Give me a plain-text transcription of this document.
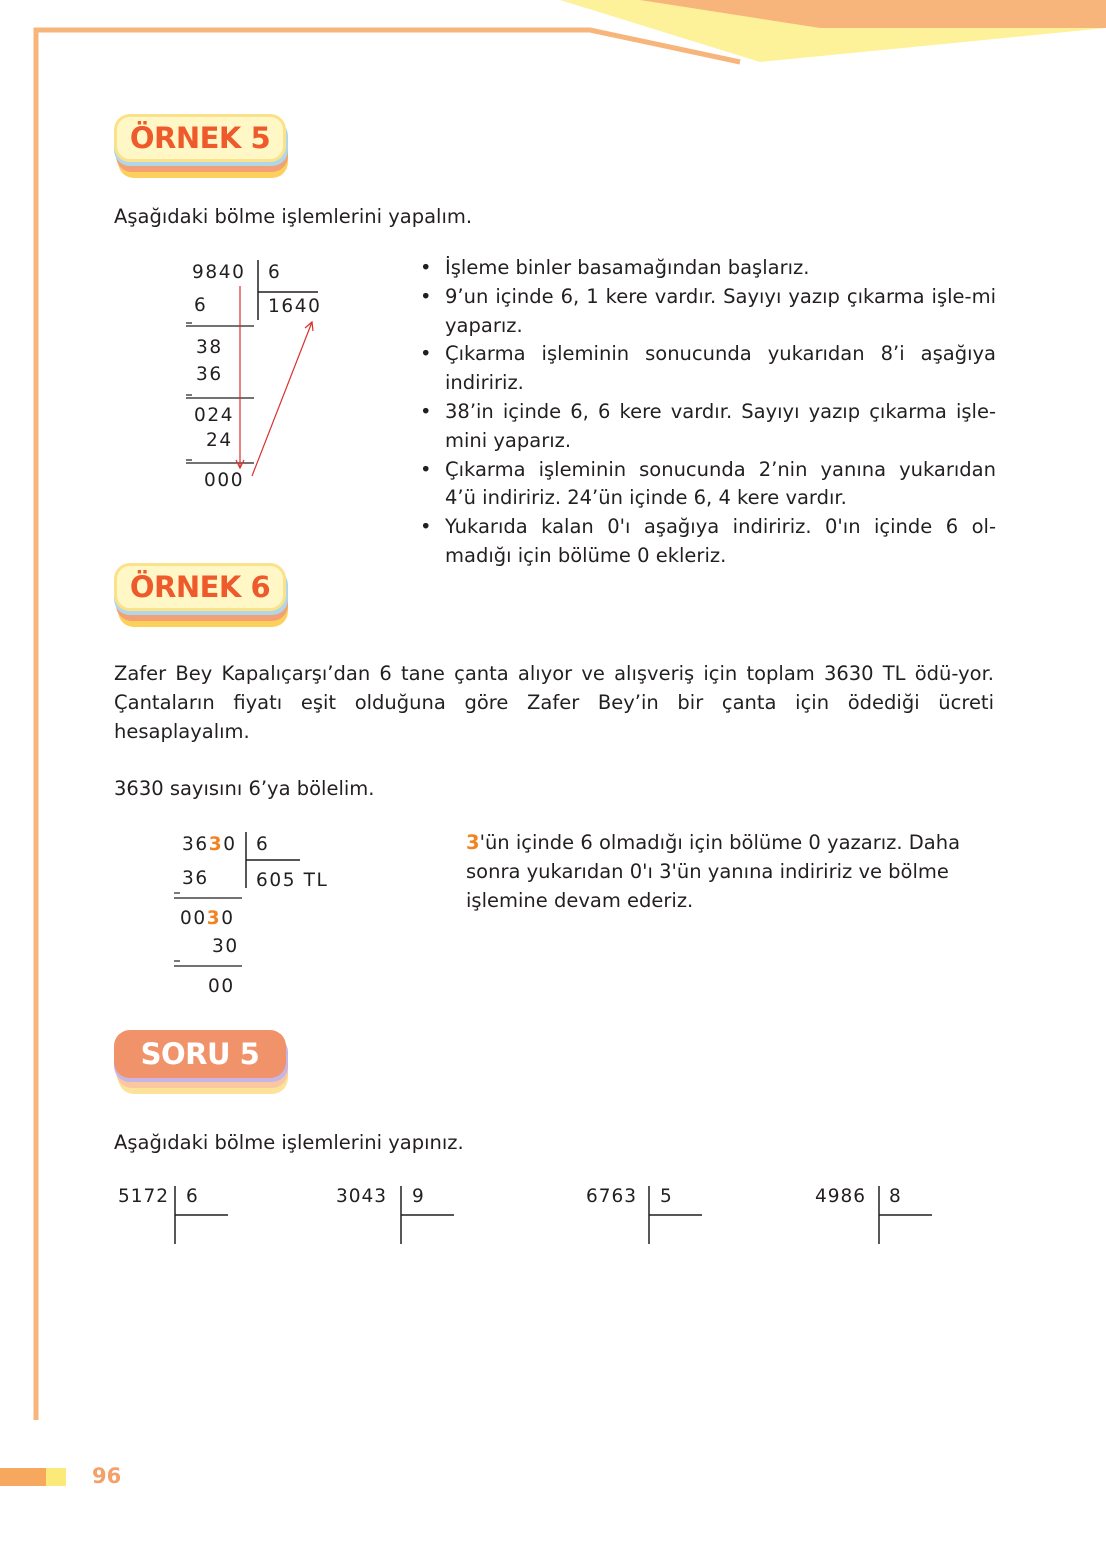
ÖRNEK 5
Aşağıdaki bölme işlemlerini yapalım.
9840 6
1640
6
38
36
024
24
000
• İşleme binler basamağından başlarız.
• 9’un içinde 6, 1 kere vardır. Sayıyı yazıp çıkarma işle-mi yaparız.
• Çıkarma işleminin sonucunda yukarıdan 8’i aşağıya indiririz.
• 38’in içinde 6, 6 kere vardır. Sayıyı yazıp çıkarma işle-mini yaparız.
• Çıkarma işleminin sonucunda 2’nin yanına yukarıdan 4’ü indiririz. 24’ün içinde 6, 4 kere vardır.
• Yukarıda kalan 0'ı aşağıya indiririz. 0'ın içinde 6 ol-madığı için bölüme 0 ekleriz.
ÖRNEK 6
Zafer Bey Kapalıçarşı’dan 6 tane çanta alıyor ve alışveriş için toplam 3630 TL ödü-yor. Çantaların fiyatı eşit olduğuna göre Zafer Bey’in bir çanta için ödediği ücreti hesaplayalım.
3630 sayısını 6’ya bölelim.
3630 6
605 TL
36
0030
30
00
3'ün içinde 6 olmadığı için bölüme 0 yazarız. Daha sonra yukarıdan 0'ı 3'ün yanına indiririz ve bölme işlemine devam ederiz.
SORU 5
Aşağıdaki bölme işlemlerini yapınız.
5172 6	3043 9	6763 5	4986 8
96
